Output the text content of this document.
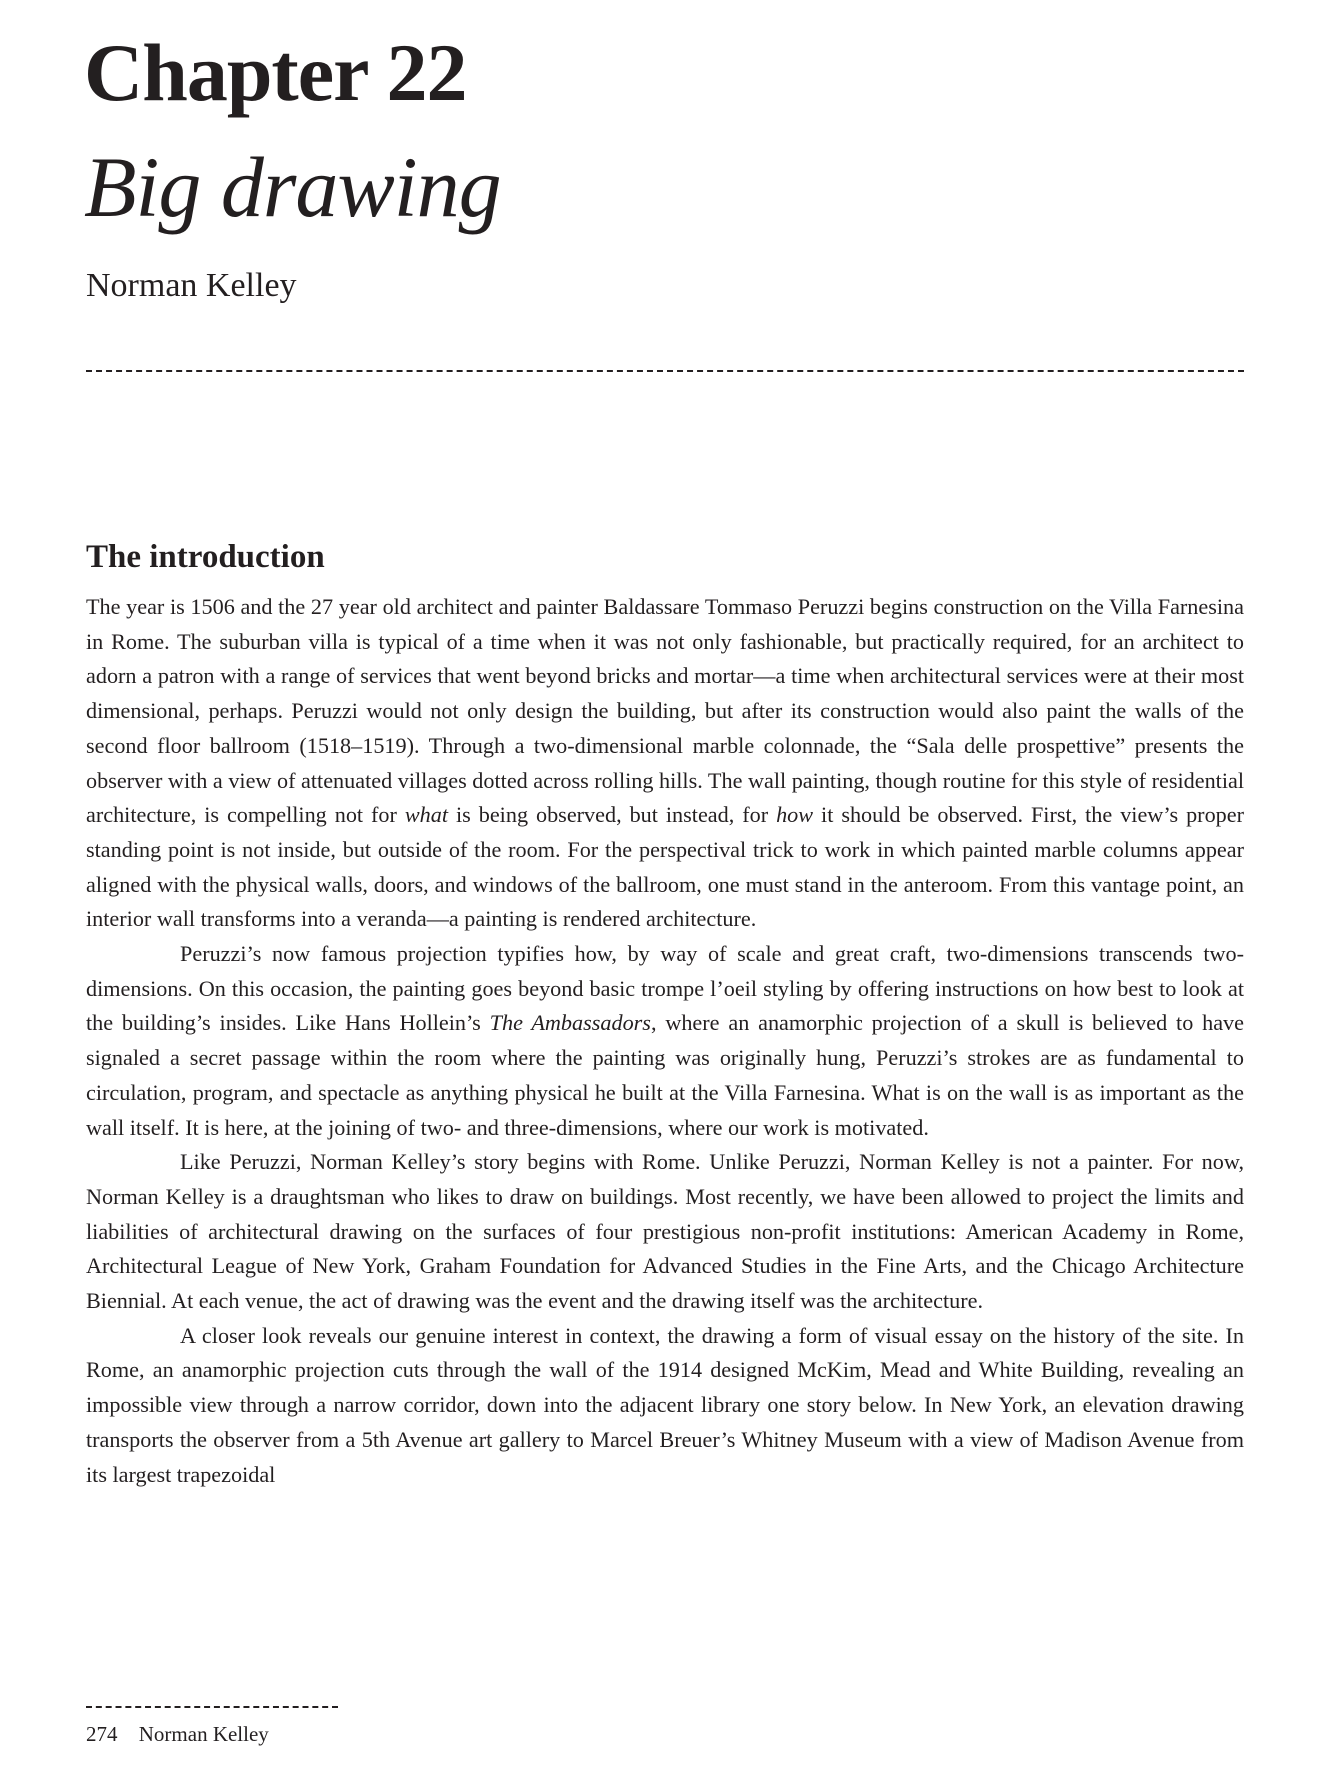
Chapter 22
Big drawing
Norman Kelley
The introduction

The year is 1506 and the 27 year old architect and painter Baldassare Tommaso Peruzzi begins construction on the Villa Farnesina in Rome. The suburban villa is typical of a time when it was not only fashionable, but practically required, for an architect to adorn a patron with a range of services that went beyond bricks and mortar—a time when architectural services were at their most dimensional, perhaps. Peruzzi would not only design the building, but after its construction would also paint the walls of the second floor ballroom (1518–1519). Through a two-dimensional marble colonnade, the “Sala delle prospettive” presents the observer with a view of attenuated villages dotted across rolling hills. The wall painting, though routine for this style of residential architecture, is compelling not for what is being observed, but instead, for how it should be observed. First, the view’s proper standing point is not inside, but outside of the room. For the perspectival trick to work in which painted marble columns appear aligned with the physical walls, doors, and windows of the ballroom, one must stand in the anteroom. From this vantage point, an interior wall transforms into a veranda—a painting is rendered architecture.

Peruzzi’s now famous projection typifies how, by way of scale and great craft, two-dimensions transcends two-dimensions. On this occasion, the painting goes beyond basic trompe l’oeil styling by offering instructions on how best to look at the building’s insides. Like Hans Hollein’s The Ambassadors, where an anamorphic projection of a skull is believed to have signaled a secret passage within the room where the painting was originally hung, Peruzzi’s strokes are as fundamental to circulation, program, and spectacle as anything physical he built at the Villa Farnesina. What is on the wall is as important as the wall itself. It is here, at the joining of two- and three-dimensions, where our work is motivated.

Like Peruzzi, Norman Kelley’s story begins with Rome. Unlike Peruzzi, Norman Kelley is not a painter. For now, Norman Kelley is a draughtsman who likes to draw on buildings. Most recently, we have been allowed to project the limits and liabilities of architectural drawing on the surfaces of four prestigious non-profit institutions: American Academy in Rome, Architectural League of New York, Graham Foundation for Advanced Studies in the Fine Arts, and the Chicago Architecture Biennial. At each venue, the act of drawing was the event and the drawing itself was the architecture.

A closer look reveals our genuine interest in context, the drawing a form of visual essay on the history of the site. In Rome, an anamorphic projection cuts through the wall of the 1914 designed McKim, Mead and White Building, revealing an impossible view through a narrow corridor, down into the adjacent library one story below. In New York, an elevation drawing transports the observer from a 5th Avenue art gallery to Marcel Breuer’s Whitney Museum with a view of Madison Avenue from its largest trapezoidal

274 Norman Kelley
